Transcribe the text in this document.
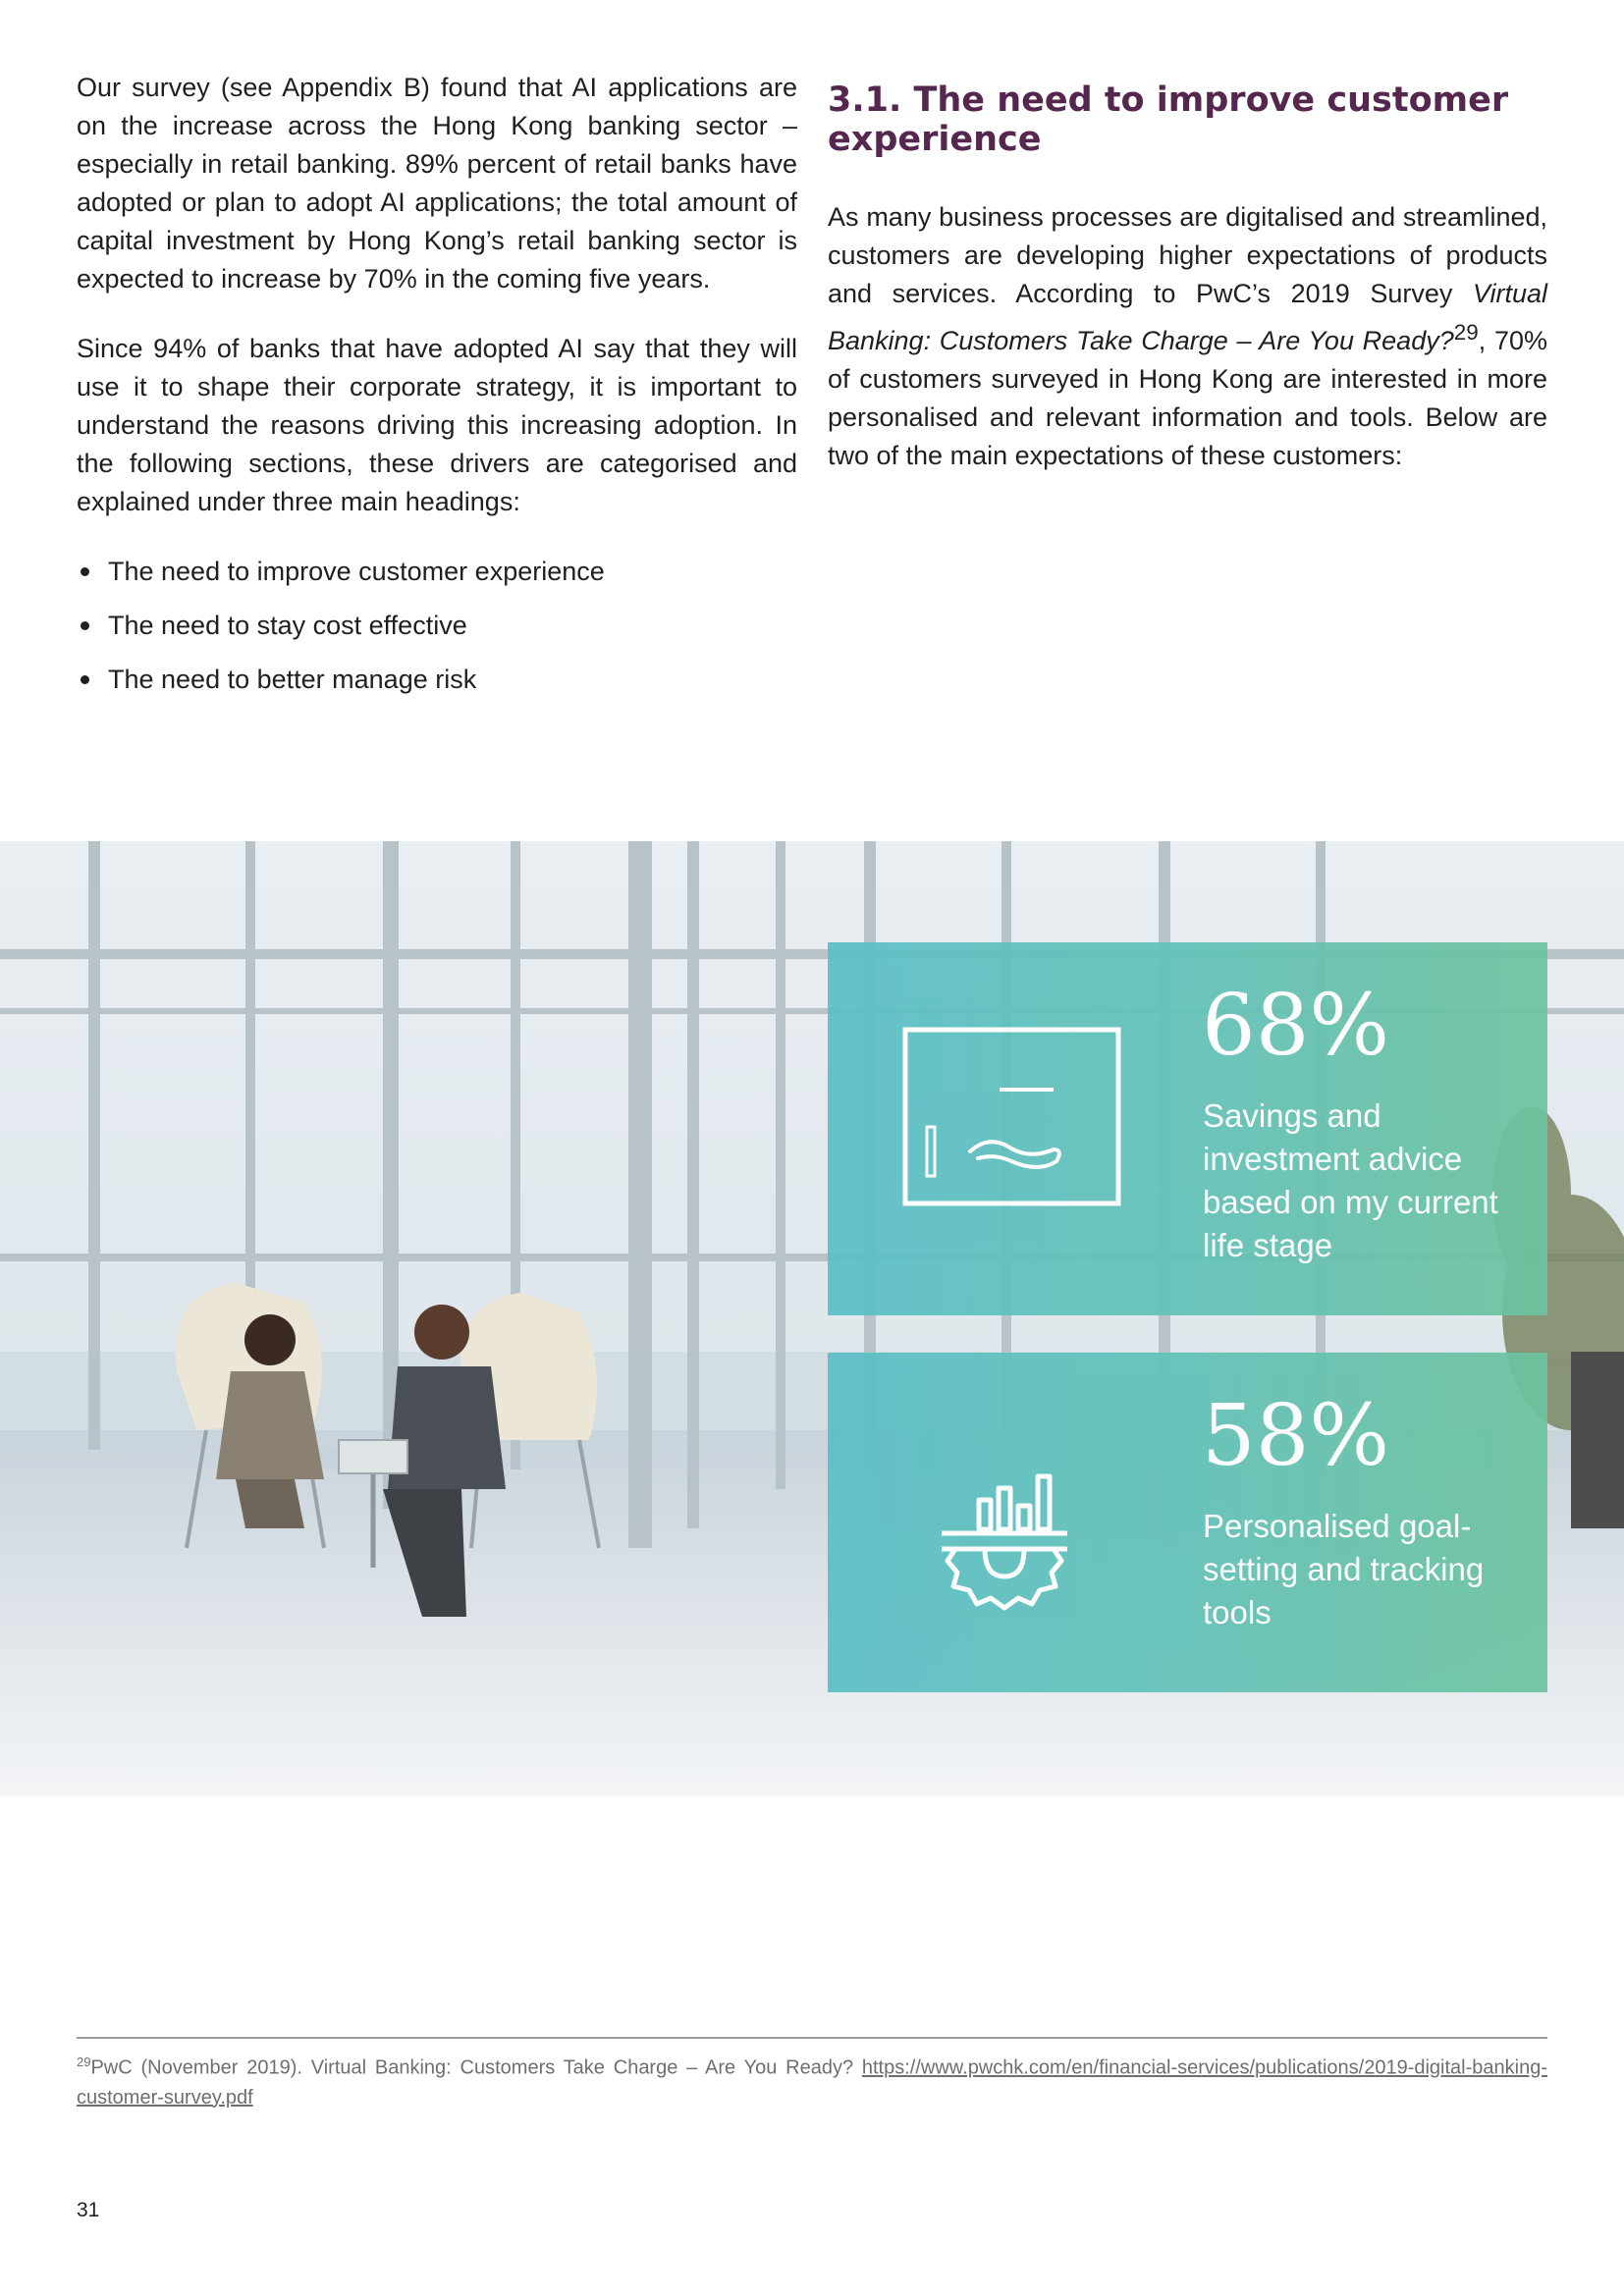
Our survey (see Appendix B) found that AI applications are on the increase across the Hong Kong banking sector – especially in retail banking. 89% percent of retail banks have adopted or plan to adopt AI applications; the total amount of capital investment by Hong Kong’s retail banking sector is expected to increase by 70% in the coming five years.

Since 94% of banks that have adopted AI say that they will use it to shape their corporate strategy, it is important to understand the reasons driving this increasing adoption. In the following sections, these drivers are categorised and explained under three main headings:

The need to improve customer experience
The need to stay cost effective
The need to better manage risk
3.1. The need to improve customer experience

As many business processes are digitalised and streamlined, customers are developing higher expectations of products and services. According to PwC’s 2019 Survey Virtual Banking: Customers Take Charge – Are You Ready?$^{29}$, 70% of customers surveyed in Hong Kong are interested in more personalised and relevant information and tools. Below are two of the main expectations of these customers:

68%
Savings and investment advice based on my current life stage
58%
Personalised goal-setting and tracking tools
$^{29}$PwC (November 2019). Virtual Banking: Customers Take Charge – Are You Ready? https://www.pwchk.com/en/financial-services/publications/2019-digital-banking-customer-survey.pdf
31
